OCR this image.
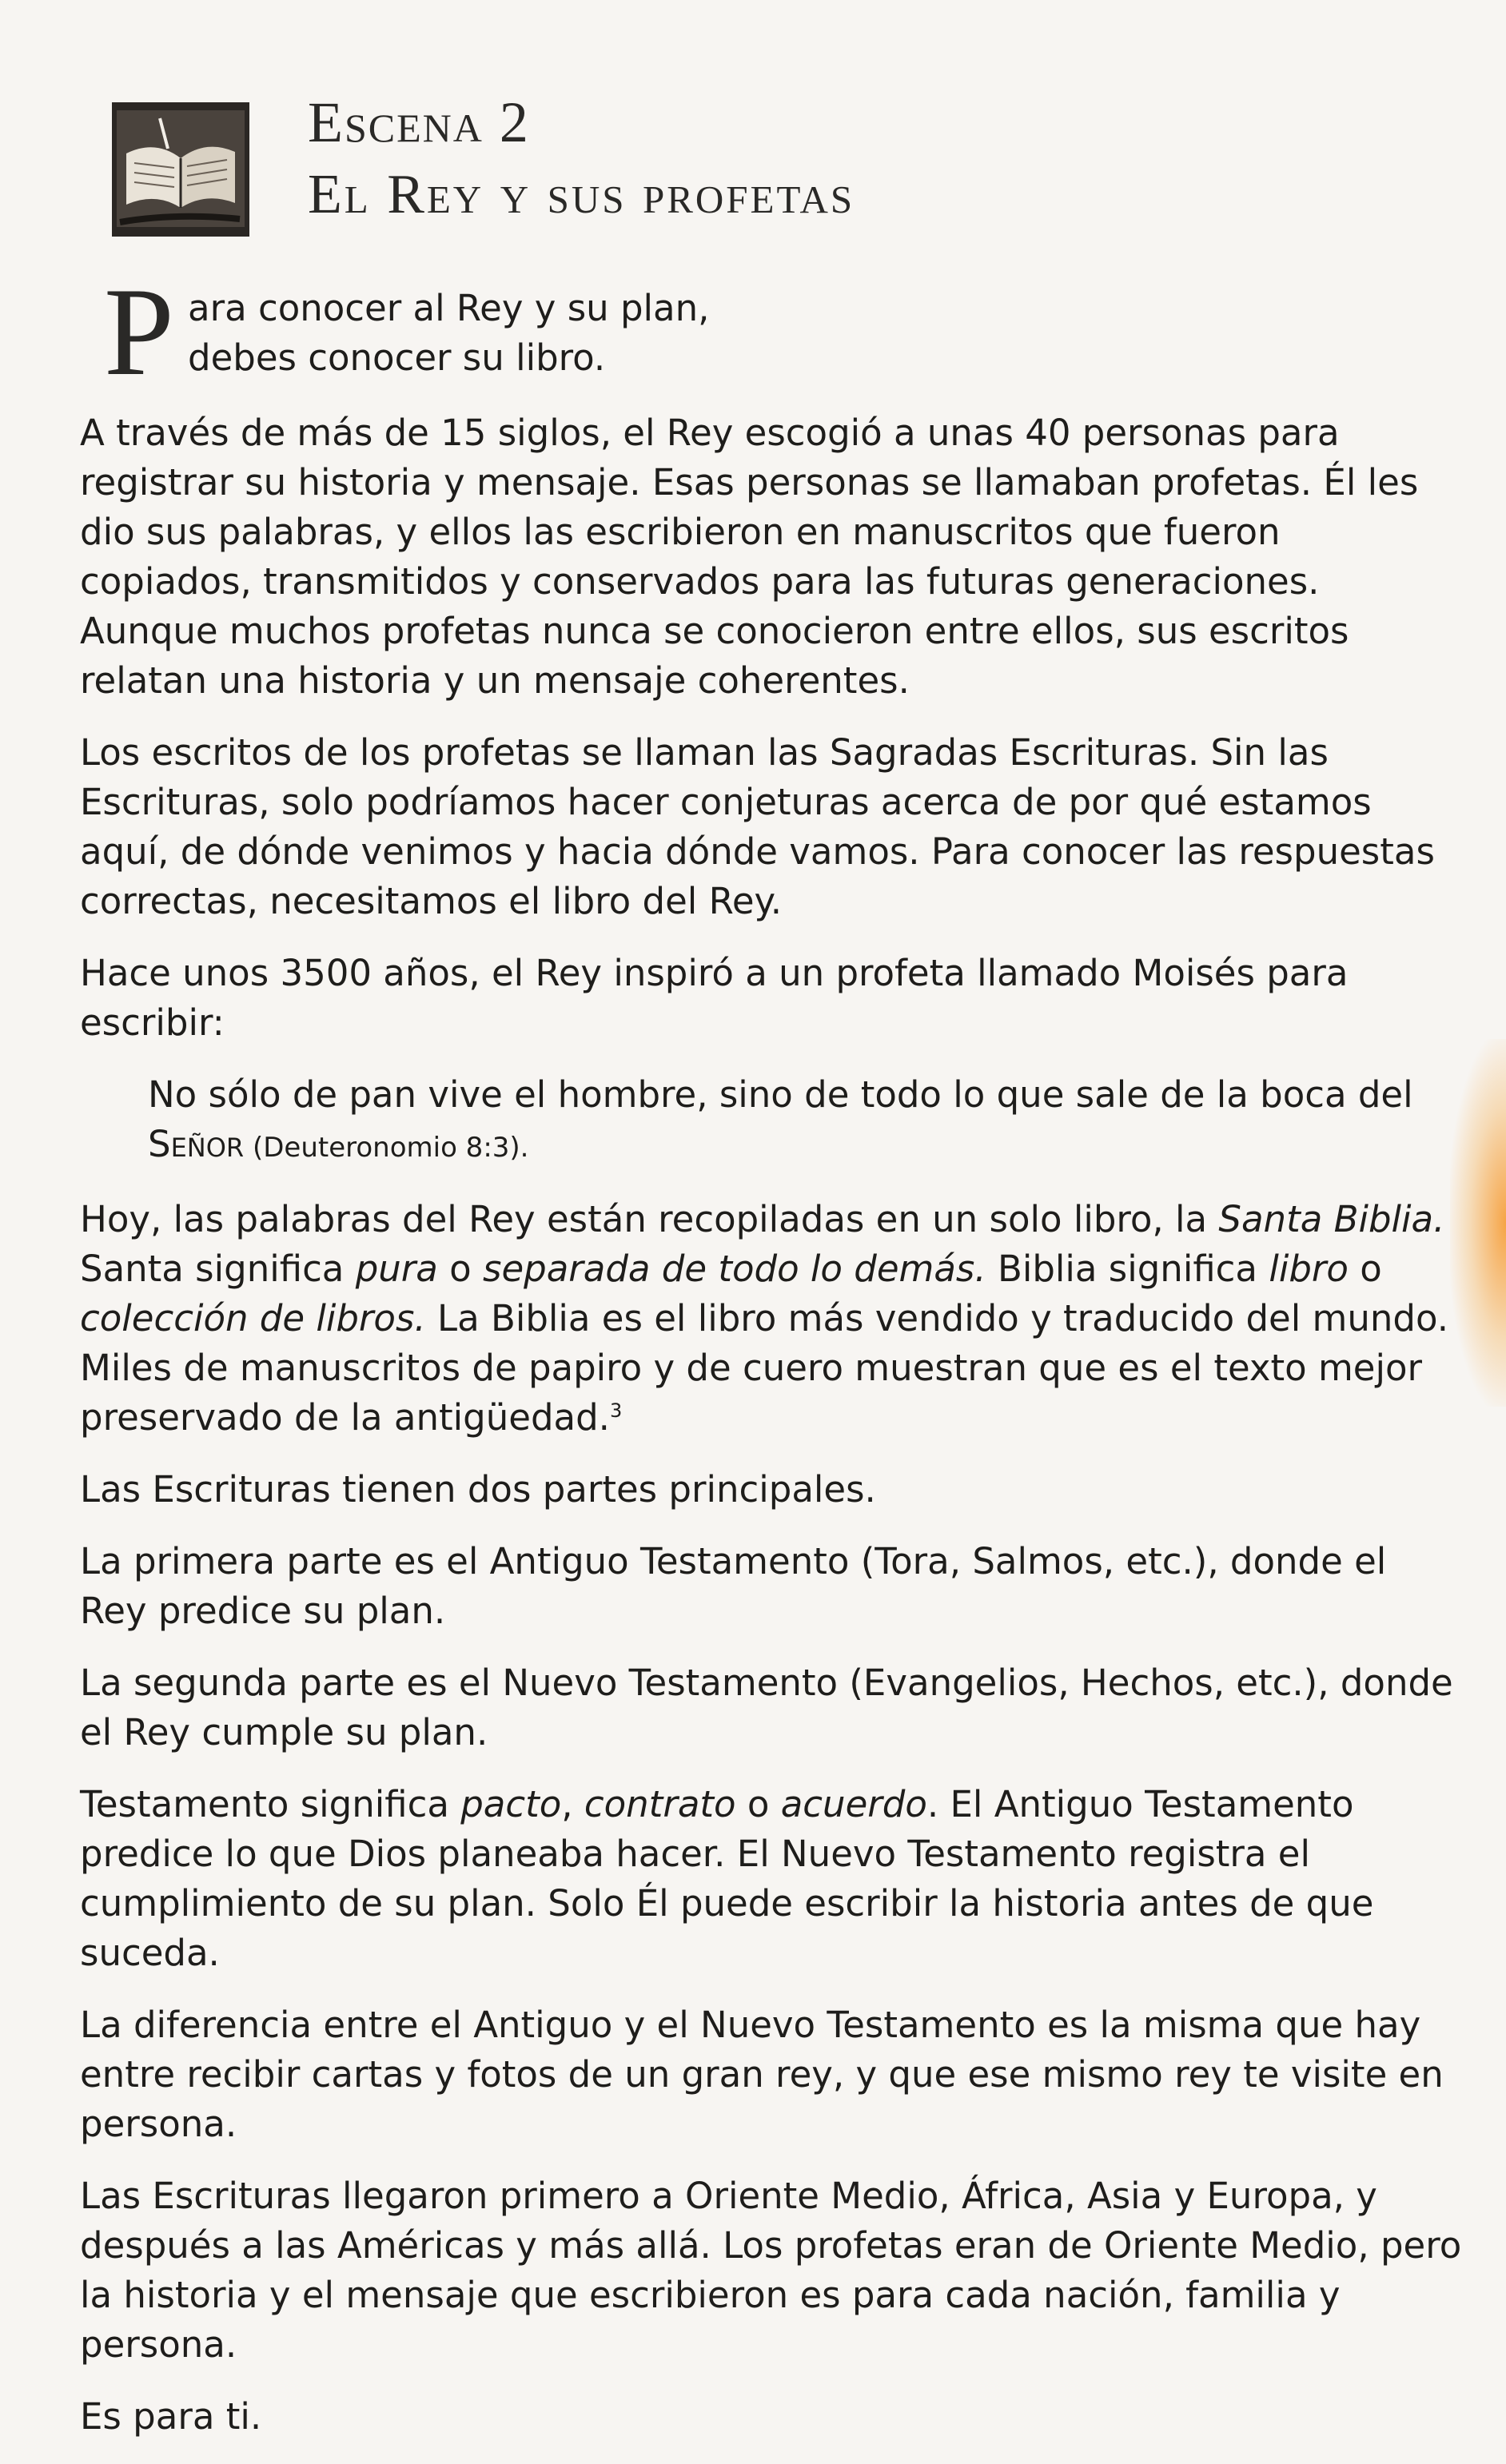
Escena 2
El Rey y sus profetas

P ara conocer al Rey y su plan,
debes conocer su libro.

A través de más de 15 siglos, el Rey escogió a unas 40 personas para registrar su historia y mensaje. Esas personas se llamaban profetas. Él les dio sus palabras, y ellos las escribieron en manuscritos que fueron copiados, transmitidos y conservados para las futuras generaciones. Aunque muchos profetas nunca se conocieron entre ellos, sus escritos relatan una historia y un mensaje coherentes.

Los escritos de los profetas se llaman las Sagradas Escrituras. Sin las Escrituras, solo podríamos hacer conjeturas acerca de por qué estamos aquí, de dónde venimos y hacia dónde vamos. Para conocer las respuestas correctas, necesitamos el libro del Rey.

Hace unos 3500 años, el Rey inspiró a un profeta llamado Moisés para escribir:

No sólo de pan vive el hombre, sino de todo lo que sale de la boca del Señor (Deuteronomio 8:3).

Hoy, las palabras del Rey están recopiladas en un solo libro, la Santa Biblia. Santa significa pura o separada de todo lo demás. Biblia significa libro o colección de libros. La Biblia es el libro más vendido y traducido del mundo. Miles de manuscritos de papiro y de cuero muestran que es el texto mejor preservado de la antigüedad.$^3$

Las Escrituras tienen dos partes principales.

La primera parte es el Antiguo Testamento (Tora, Salmos, etc.), donde el Rey predice su plan.

La segunda parte es el Nuevo Testamento (Evangelios, Hechos, etc.), donde el Rey cumple su plan.

Testamento significa pacto, contrato o acuerdo. El Antiguo Testamento predice lo que Dios planeaba hacer. El Nuevo Testamento registra el cumplimiento de su plan. Solo Él puede escribir la historia antes de que suceda.

La diferencia entre el Antiguo y el Nuevo Testamento es la misma que hay entre recibir cartas y fotos de un gran rey, y que ese mismo rey te visite en persona.

Las Escrituras llegaron primero a Oriente Medio, África, Asia y Europa, y después a las Américas y más allá. Los profetas eran de Oriente Medio, pero la historia y el mensaje que escribieron es para cada nación, familia y persona.

Es para ti.
